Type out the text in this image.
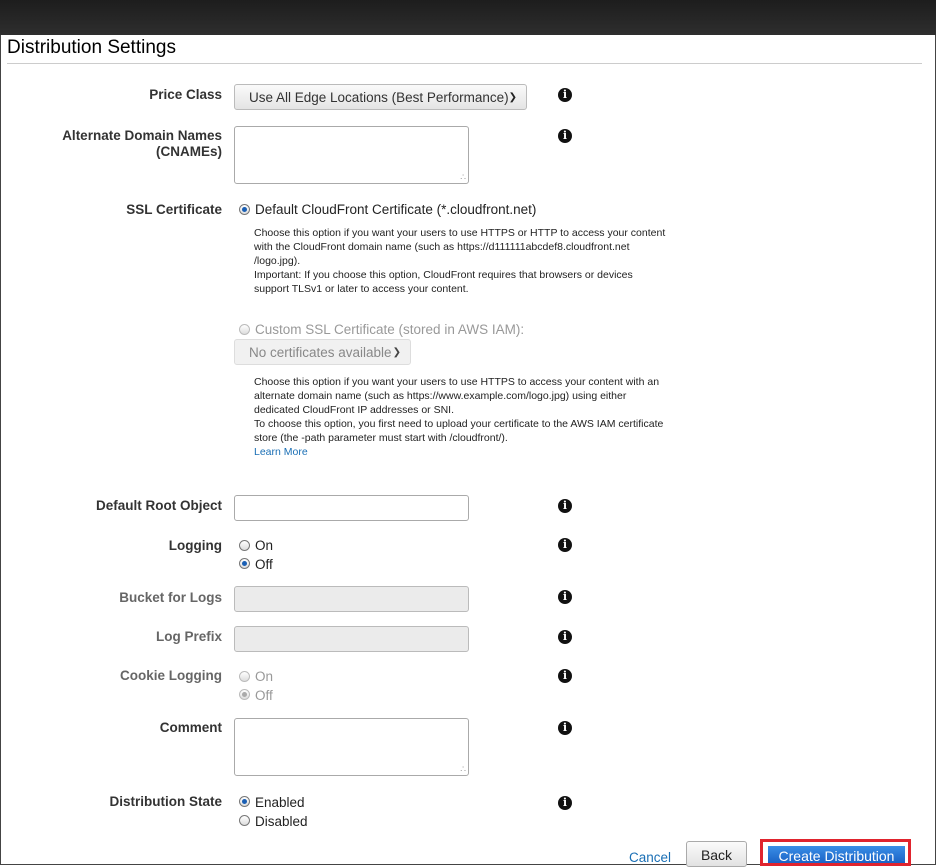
Distribution Settings
Price Class	Use All Edge Locations (Best Performance) ❯	i
Alternate Domain Names
(CNAMEs)
∴
i
SSL Certificate Default CloudFront Certificate (*.cloudfront.net)

Choose this option if you want your users to use HTTPS or HTTP to access your content

with the CloudFront domain name (such as https://d111111abcdef8.cloudfront.net

/logo.jpg).

Important: If you choose this option, CloudFront requires that browsers or devices

support TLSv1 or later to access your content.

Custom SSL Certificate (stored in AWS IAM):
No certificates available ❯

Choose this option if you want your users to use HTTPS to access your content with an

alternate domain name (such as https://www.example.com/logo.jpg) using either

dedicated CloudFront IP addresses or SNI.

To choose this option, you first need to upload your certificate to the AWS IAM certificate

store (the -path parameter must start with /cloudfront/).

Learn More

Default Root Object	i
Logging On
Off
i
Bucket for Logs	i
Log Prefix	i
Cookie Logging On
Off
i
Comment
∴
i
Distribution State Enabled
Disabled
i
Cancel	Back	Create Distribution
